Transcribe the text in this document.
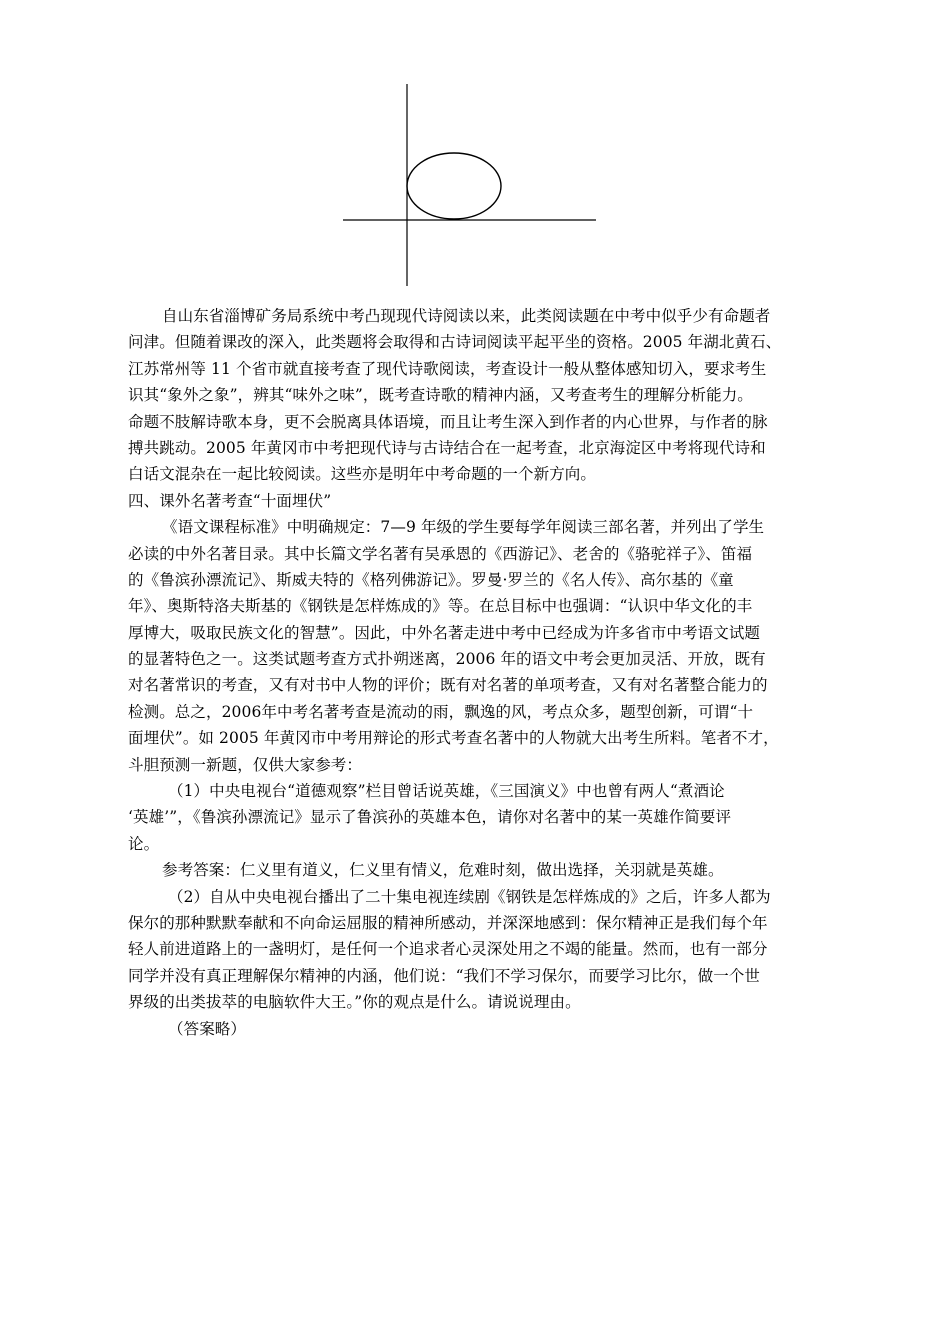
自山东省淄博矿务局系统中考凸现现代诗阅读以来，此类阅读题在中考中似乎少有命题者
问津。但随着课改的深入，此类题将会取得和古诗词阅读平起平坐的资格。2005 年湖北黄石、
江苏常州等 11 个省市就直接考查了现代诗歌阅读，考查设计一般从整体感知切入，要求考生
识其“象外之象”，辨其“味外之味”，既考查诗歌的精神内涵，又考查考生的理解分析能力。
命题不肢解诗歌本身，更不会脱离具体语境，而且让考生深入到作者的内心世界，与作者的脉
搏共跳动。2005 年黄冈市中考把现代诗与古诗结合在一起考查，北京海淀区中考将现代诗和
白话文混杂在一起比较阅读。这些亦是明年中考命题的一个新方向。
四、课外名著考查“十面埋伏”
《语文课程标准》中明确规定：7—9 年级的学生要每学年阅读三部名著，并列出了学生
必读的中外名著目录。其中长篇文学名著有吴承恩的《西游记》、老舍的《骆驼祥子》、笛福
的《鲁滨孙漂流记》、斯威夫特的《格列佛游记》。罗曼·罗兰的《名人传》、高尔基的《童
年》、奥斯特洛夫斯基的《钢铁是怎样炼成的》等。在总目标中也强调：“认识中华文化的丰
厚博大，吸取民族文化的智慧”。因此，中外名著走进中考中已经成为许多省市中考语文试题
的显著特色之一。这类试题考查方式扑朔迷离，2006 年的语文中考会更加灵活、开放，既有
对名著常识的考查，又有对书中人物的评价；既有对名著的单项考查，又有对名著整合能力的
检测。总之，2006年中考名著考查是流动的雨，飘逸的风，考点众多，题型创新，可谓“十
面埋伏”。如 2005 年黄冈市中考用辩论的形式考查名著中的人物就大出考生所料。笔者不才，
斗胆预测一新题，仅供大家参考：
（1）中央电视台“道德观察”栏目曾话说英雄，《三国演义》中也曾有两人“煮酒论
‘英雄’”，《鲁滨孙漂流记》显示了鲁滨孙的英雄本色，请你对名著中的某一英雄作简要评
论。
参考答案：仁义里有道义，仁义里有情义，危难时刻，做出选择，关羽就是英雄。
（2）自从中央电视台播出了二十集电视连续剧《钢铁是怎样炼成的》之后，许多人都为
保尔的那种默默奉献和不向命运屈服的精神所感动，并深深地感到：保尔精神正是我们每个年
轻人前进道路上的一盏明灯，是任何一个追求者心灵深处用之不竭的能量。然而，也有一部分
同学并没有真正理解保尔精神的内涵，他们说：“我们不学习保尔，而要学习比尔，做一个世
界级的出类拔萃的电脑软件大王。”你的观点是什么。请说说理由。
（答案略）
